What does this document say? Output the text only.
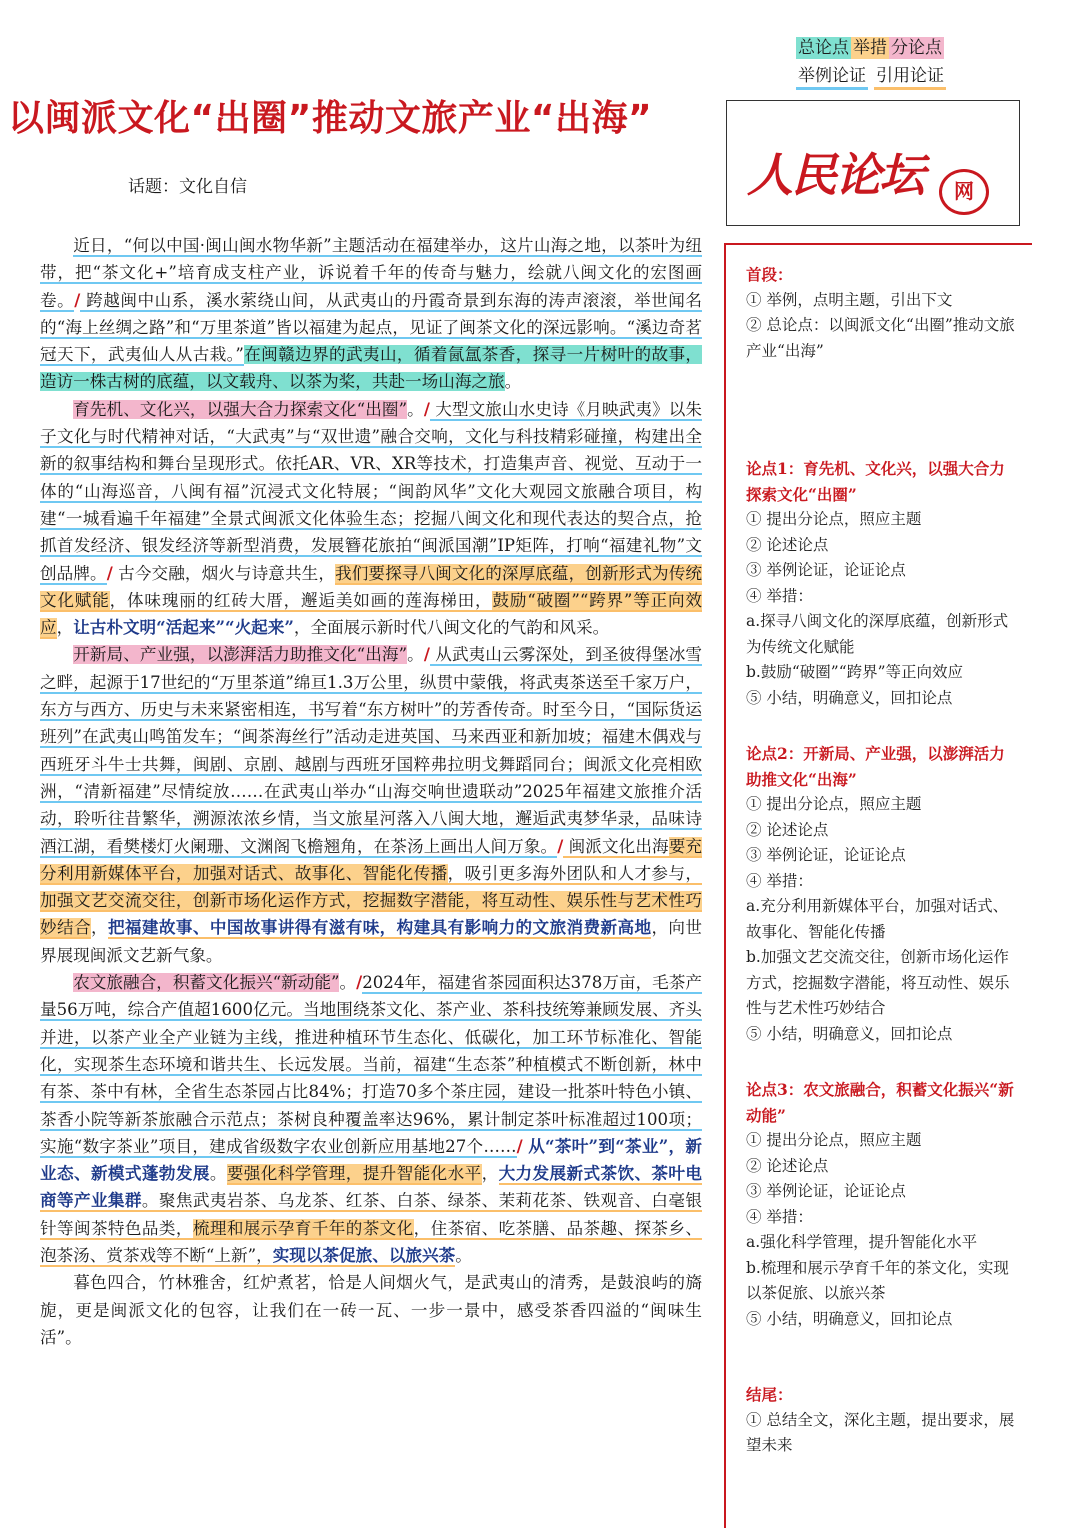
总论点 举措 分论点
举例论证 引用论证
以闽派文化“出圈”推动文旅产业“出海”
话题：文化自信	人民论坛	网

近日，“何以中国·闽山闽水物华新”主题活动在福建举办，这片山海之地，以茶叶为纽带，把“茶文化+”培育成支柱产业，诉说着千年的传奇与魅力，绘就八闽文化的宏图画卷。/ 跨越闽中山系，溪水萦绕山间，从武夷山的丹霞奇景到东海的涛声滚滚，举世闻名的“海上丝绸之路”和“万里茶道”皆以福建为起点，见证了闽茶文化的深远影响。“溪边奇茗冠天下，武夷仙人从古栽。”在闽赣边界的武夷山，循着氤氲茶香，探寻一片树叶的故事，造访一株古树的底蕴，以文载舟、以茶为桨，共赴一场山海之旅。

育先机、文化兴，以强大合力探索文化“出圈”。/ 大型文旅山水史诗《月映武夷》以朱子文化与时代精神对话，“大武夷”与“双世遗”融合交响，文化与科技精彩碰撞，构建出全新的叙事结构和舞台呈现形式。依托AR、VR、XR等技术，打造集声音、视觉、互动于一体的“山海巡音，八闽有福”沉浸式文化特展；“闽韵风华”文化大观园文旅融合项目，构建“一城看遍千年福建”全景式闽派文化体验生态；挖掘八闽文化和现代表达的契合点，抢抓首发经济、银发经济等新型消费，发展簪花旅拍“闽派国潮”IP矩阵，打响“福建礼物”文创品牌。/ 古今交融，烟火与诗意共生，我们要探寻八闽文化的深厚底蕴，创新形式为传统文化赋能，体味瑰丽的红砖大厝，邂逅美如画的莲海梯田，鼓励“破圈”“跨界”等正向效应，让古朴文明“活起来”“火起来”，全面展示新时代八闽文化的气韵和风采。

开新局、产业强，以澎湃活力助推文化“出海”。/ 从武夷山云雾深处，到圣彼得堡冰雪之畔，起源于17世纪的“万里茶道”绵亘1.3万公里，纵贯中蒙俄，将武夷茶送至千家万户，东方与西方、历史与未来紧密相连，书写着“东方树叶”的芳香传奇。时至今日，“国际货运班列”在武夷山鸣笛发车；“闽茶海丝行”活动走进英国、马来西亚和新加坡；福建木偶戏与西班牙斗牛士共舞，闽剧、京剧、越剧与西班牙国粹弗拉明戈舞蹈同台；闽派文化亮相欧洲，“清新福建”尽情绽放……在武夷山举办“山海交响世遗联动”2025年福建文旅推介活动，聆听往昔繁华，溯源浓浓乡情，当文旅星河落入八闽大地，邂逅武夷梦华录，品味诗酒江湖，看樊楼灯火阑珊、文渊阁飞檐翘角，在茶汤上画出人间万象。/ 闽派文化出海要充分利用新媒体平台，加强对话式、故事化、智能化传播，吸引更多海外团队和人才参与，加强文艺交流交往，创新市场化运作方式，挖掘数字潜能，将互动性、娱乐性与艺术性巧妙结合，把福建故事、中国故事讲得有滋有味，构建具有影响力的文旅消费新高地，向世界展现闽派文艺新气象。

农文旅融合，积蓄文化振兴“新动能”。/2024年，福建省茶园面积达378万亩，毛茶产量56万吨，综合产值超1600亿元。当地围绕茶文化、茶产业、茶科技统筹兼顾发展、齐头并进，以茶产业全产业链为主线，推进种植环节生态化、低碳化，加工环节标准化、智能化，实现茶生态环境和谐共生、长远发展。当前，福建“生态茶”种植模式不断创新，林中有茶、茶中有林，全省生态茶园占比84%；打造70多个茶庄园，建设一批茶叶特色小镇、茶香小院等新茶旅融合示范点；茶树良种覆盖率达96%，累计制定茶叶标准超过100项；实施“数字茶业”项目，建成省级数字农业创新应用基地27个……/ 从“茶叶”到“茶业”，新业态、新模式蓬勃发展。要强化科学管理，提升智能化水平，大力发展新式茶饮、茶叶电商等产业集群。聚焦武夷岩茶、乌龙茶、红茶、白茶、绿茶、茉莉花茶、铁观音、白毫银针等闽茶特色品类，梳理和展示孕育千年的茶文化，住茶宿、吃茶膳、品茶趣、探茶乡、泡茶汤、赏茶戏等不断“上新”，实现以茶促旅、以旅兴茶。

暮色四合，竹林雅舍，红炉煮茗，恰是人间烟火气，是武夷山的清秀，是鼓浪屿的旖旎，更是闽派文化的包容，让我们在一砖一瓦、一步一景中，感受茶香四溢的“闽味生活”。

首段：
① 举例，点明主题，引出下文
② 总论点：以闽派文化“出圈”推动文旅产业“出海”
论点1：育先机、文化兴，以强大合力探索文化“出圈”
① 提出分论点，照应主题
② 论述论点
③ 举例论证，论证论点
④ 举措：
a.探寻八闽文化的深厚底蕴，创新形式为传统文化赋能
b.鼓励“破圈”“跨界”等正向效应
⑤ 小结，明确意义，回扣论点
论点2：开新局、产业强，以澎湃活力助推文化“出海”
① 提出分论点，照应主题
② 论述论点
③ 举例论证，论证论点
④ 举措：
a.充分利用新媒体平台，加强对话式、故事化、智能化传播
b.加强文艺交流交往，创新市场化运作方式，挖掘数字潜能，将互动性、娱乐性与艺术性巧妙结合
⑤ 小结，明确意义，回扣论点
论点3：农文旅融合，积蓄文化振兴“新动能”
① 提出分论点，照应主题
② 论述论点
③ 举例论证，论证论点
④ 举措：
a.强化科学管理，提升智能化水平
b.梳理和展示孕育千年的茶文化，实现以茶促旅、以旅兴茶
⑤ 小结，明确意义，回扣论点
结尾：
① 总结全文，深化主题，提出要求，展望未来
